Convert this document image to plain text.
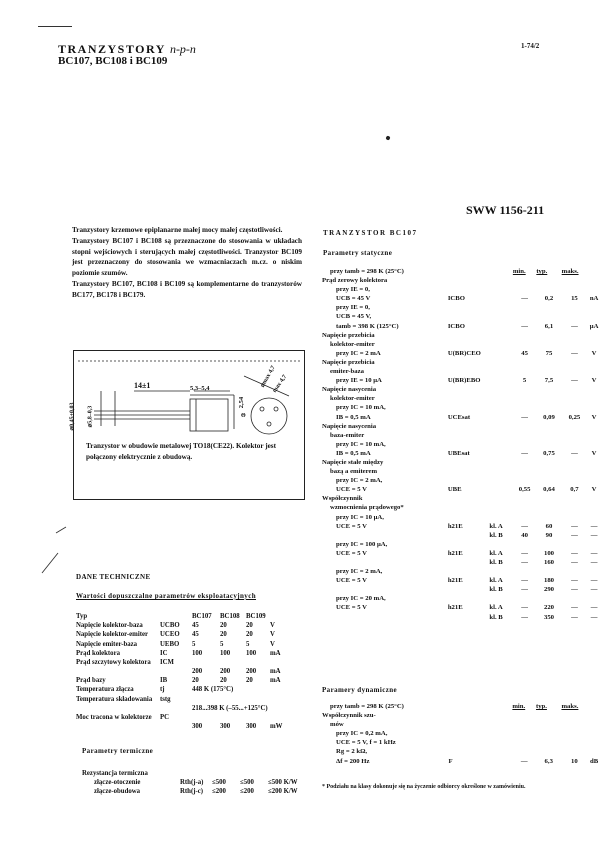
TRANZYSTORY n-p-n
BC107, BC108 i BC109
1-74/2
SWW 1156-211

Tranzystory krzemowe epiplanarne małej mocy małej częstotliwości.

Tranzystory BC107 i BC108 są przeznaczone do stosowania w układach stopni wejściowych i sterujących małej częstotliwości. Tranzystor BC109 jest przeznaczony do stosowania we wzmacniaczach m.cz. o niskim poziomie szumów.

Tranzystory BC107, BC108 i BC109 są komplementarne do tranzystorów BC177, BC178 i BC179.

14±1	5,3–5,4
2,54
⌀0,45±0,03 ⌀5,8–0,3
⌀max 4,7
max 4,7
Θ
Tranzystor w obudowie metalowej TO18(CE22). Kolektor jest połączony elektrycznie z obudową.
DANE TECHNICZNE
Wartości dopuszczalne parametrów eksploatacyjnych
Typ		BC107	BC108	BC109	
Napięcie kolektor-baza	UCBO	45	20	20	V
Napięcie kolektor-emiter	UCEO	45	20	20	V
Napięcie emiter-baza	UEBO	5	5	5	V
Prąd kolektora	IC	100	100	100	mA
Prąd szczytowy kolektora	ICM	200	200	200	mA
Prąd bazy	IB	20	20	20	mA
Temperatura złącza	tj	448 K (175°C)			
Temperatura składowania	tstg	218...398 K (–55...+125°C)			
Moc tracona w kolektorze	PC	300	300	300	mW
Parametry termiczne
Rezystancja termiczna				
złącze-otoczenie	Rth(j-a)	≤500	≤500	≤500 K/W
złącze-obudowa	Rth(j-c)	≤200	≤200	≤200 K/W
TRANZYSTOR BC107
Parametry statyczne
przy tamb = 298 K (25°C)			min.	typ.	maks.	
Prąd zerowy kolektora						
przy IE = 0,						
UCB = 45 V	ICBO		—	0,2	15	nA
przy IE = 0,						
UCB = 45 V,						
tamb = 398 K (125°C)	ICBO		—	6,1	—	μA
Napięcie przebicia						
kolektor-emiter						
przy IC = 2 mA	U(BR)CEO		45	75	—	V
Napięcie przebicia						
emiter-baza						
przy IE = 10 μA	U(BR)EBO		5	7,5	—	V
Napięcie nasycenia						
kolektor-emiter						
przy IC = 10 mA,						
IB = 0,5 mA	UCEsat		—	0,09	0,25	V
Napięcie nasycenia						
baza-emiter						
przy IC = 10 mA,						
IB = 0,5 mA	UBEsat		—	0,75	—	V
Napięcie stałe między						
bazą a emiterem						
przy IC = 2 mA,						
UCE = 5 V	UBE		0,55	0,64	0,7	V
Współczynnik						
wzmocnienia prądowego*						
przy IC = 10 μA,						
UCE = 5 V	h21E	kl. A	—	60	—	—
		kl. B	40	90	—	—
przy IC = 100 μA,						
UCE = 5 V	h21E	kl. A	—	100	—	—
		kl. B	—	160	—	—
przy IC = 2 mA,						
UCE = 5 V	h21E	kl. A	—	180	—	—
		kl. B	—	290	—	—
przy IC = 20 mA,						
UCE = 5 V	h21E	kl. A	—	220	—	—
		kl. B	—	350	—	—
Paramery dynamiczne
przy tamb = 298 K (25°C)			min.	typ.	maks.	
Współczynnik szu-						
mów						
przy IC = 0,2 mA,						
UCE = 5 V, f = 1 kHz						
Rg = 2 kΩ,						
Δf = 200 Hz	F		—	6,3	10	dB
* Podziału na klasy dokonuje się na życzenie odbiorcy określone w zamówieniu.
